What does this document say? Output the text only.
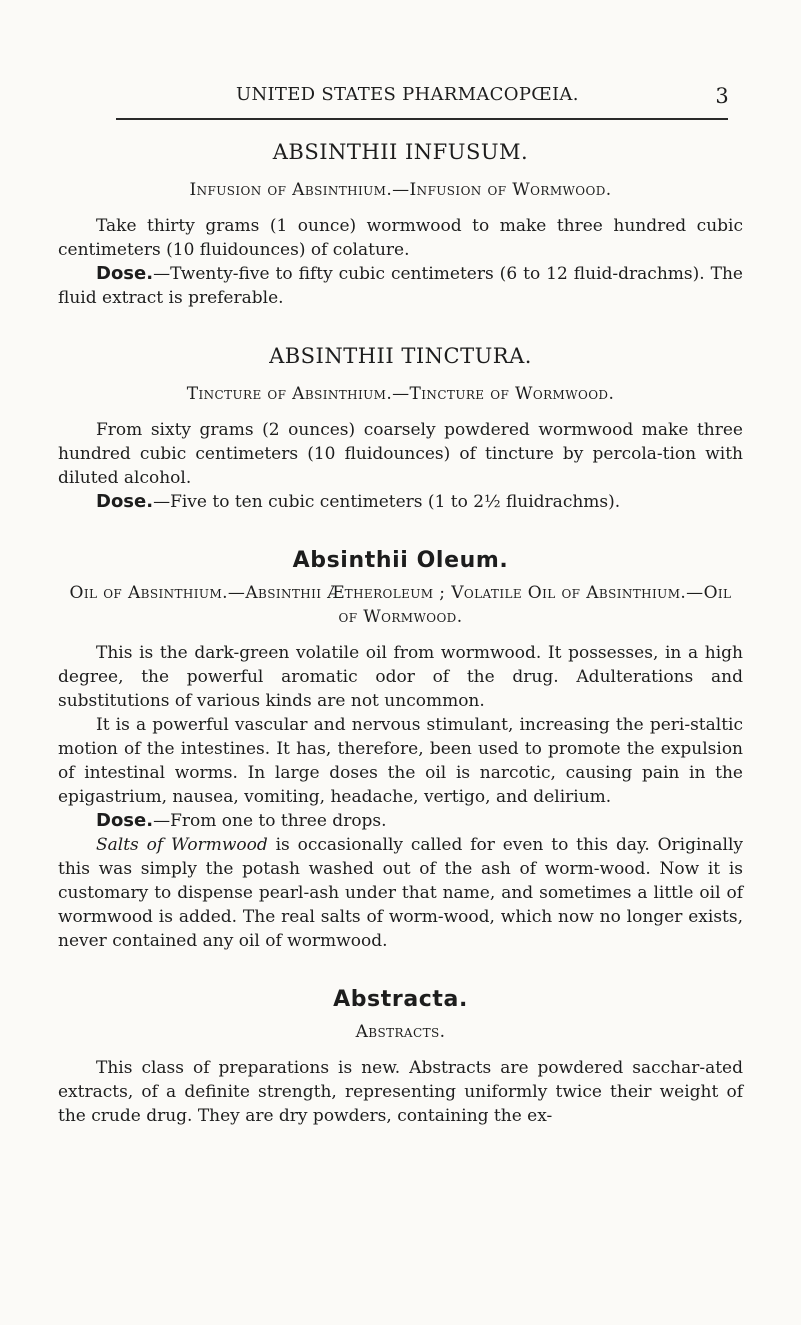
UNITED STATES PHARMACOPŒIA.	3
ABSINTHII INFUSUM.
Infusion of Absinthium.—Infusion of Wormwood.

Take thirty grams (1 ounce) wormwood to make three hundred cubic centimeters (10 fluidounces) of colature.

Dose.—Twenty-five to fifty cubic centimeters (6 to 12 fluid-drachms). The fluid extract is preferable.

ABSINTHII TINCTURA.
Tincture of Absinthium.—Tincture of Wormwood.

From sixty grams (2 ounces) coarsely powdered wormwood make three hundred cubic centimeters (10 fluidounces) of tincture by percola-tion with diluted alcohol.

Dose.—Five to ten cubic centimeters (1 to 2½ fluidrachms).

Absinthii Oleum.
Oil of Absinthium.—Absinthii Ætheroleum ; Volatile Oil of Absinthium.—Oil of Wormwood.

This is the dark-green volatile oil from wormwood. It possesses, in a high degree, the powerful aromatic odor of the drug. Adulterations and substitutions of various kinds are not uncommon.

It is a powerful vascular and nervous stimulant, increasing the peri-staltic motion of the intestines. It has, therefore, been used to promote the expulsion of intestinal worms. In large doses the oil is narcotic, causing pain in the epigastrium, nausea, vomiting, headache, vertigo, and delirium.

Dose.—From one to three drops.

Salts of Wormwood is occasionally called for even to this day. Originally this was simply the potash washed out of the ash of worm-wood. Now it is customary to dispense pearl-ash under that name, and sometimes a little oil of wormwood is added. The real salts of worm-wood, which now no longer exists, never contained any oil of wormwood.

Abstracta.
Abstracts.

This class of preparations is new. Abstracts are powdered sacchar-ated extracts, of a definite strength, representing uniformly twice their weight of the crude drug. They are dry powders, containing the ex-
